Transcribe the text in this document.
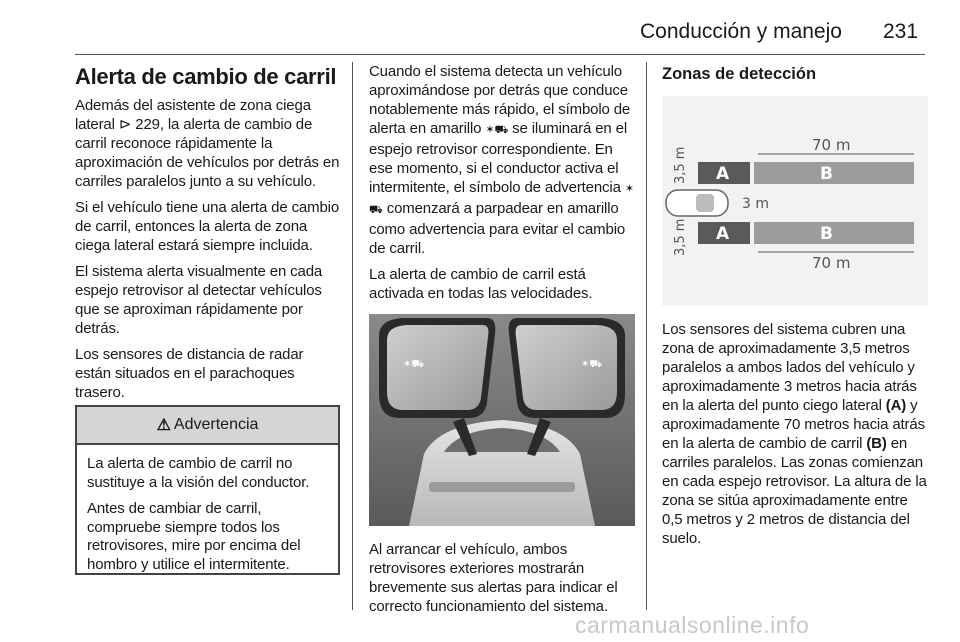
Conducción y manejo 231
Alerta de cambio de carril

Además del asistente de zona ciega lateral ⊳ 229, la alerta de cambio de carril reconoce rápidamente la aproximación de vehículos por detrás en carriles paralelos junto a su vehículo.

Si el vehículo tiene una alerta de cambio de carril, entonces la alerta de zona ciega lateral estará siempre incluida.

El sistema alerta visualmente en cada espejo retrovisor al detectar vehículos que se aproximan rápidamente por detrás.

Los sensores de distancia de radar están situados en el parachoques trasero.

⚠ Advertencia

La alerta de cambio de carril no sustituye a la visión del conductor.

Antes de cambiar de carril, compruebe siempre todos los retrovisores, mire por encima del hombro y utilice el intermitente.

Cuando el sistema detecta un vehículo aproximándose por detrás que conduce notablemente más rápido, el símbolo de alerta en amarillo ✶⛟ se iluminará en el espejo retrovisor correspondiente. En ese momento, si el conductor activa el intermitente, el símbolo de advertencia ✶⛟ comenzará a parpadear en amarillo como advertencia para evitar el cambio de carril.

La alerta de cambio de carril está activada en todas las velocidades.

✶⛟	✶⛟

Al arrancar el vehículo, ambos retrovisores exteriores mostrarán brevemente sus alertas para indicar el correcto funcionamiento del sistema.

Zonas de detección
70 m
A	B
3,5 m
3 m
A	B
3,5 m
70 m

Los sensores del sistema cubren una zona de aproximadamente 3,5 metros paralelos a ambos lados del vehículo y aproximadamente 3 metros hacia atrás en la alerta del punto ciego lateral (A) y aproximadamente 70 metros hacia atrás en la alerta de cambio de carril (B) en carriles paralelos. Las zonas comienzan en cada espejo retrovisor. La altura de la zona se sitúa aproximadamente entre 0,5 metros y 2 metros de distancia del suelo.

carmanualsonline.info
